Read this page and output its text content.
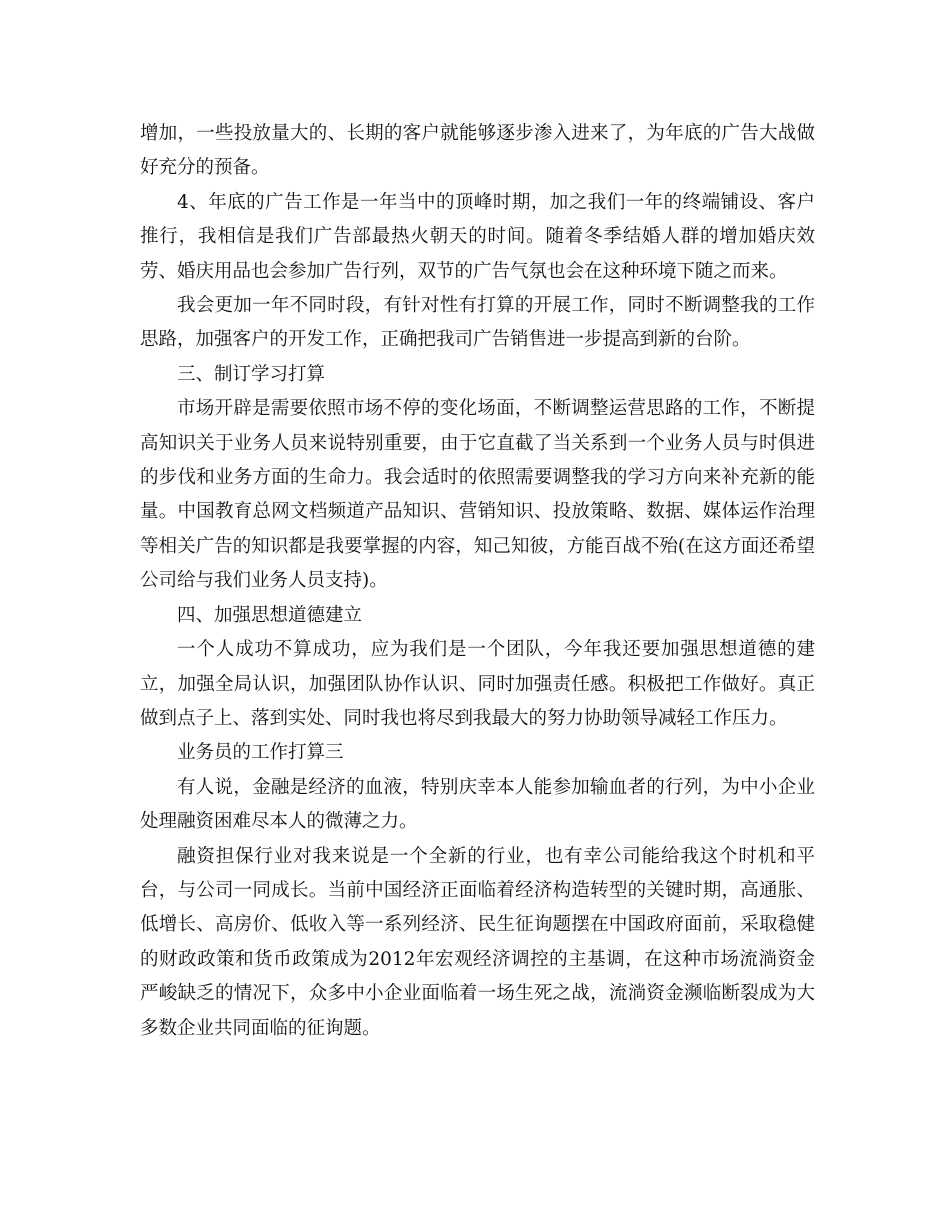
增加，一些投放量大的、长期的客户就能够逐步渗入进来了，为年底的广告大战做好充分的预备。

4、年底的广告工作是一年当中的顶峰时期，加之我们一年的终端铺设、客户推行，我相信是我们广告部最热火朝天的时间。随着冬季结婚人群的增加婚庆效劳、婚庆用品也会参加广告行列，双节的广告气氛也会在这种环境下随之而来。

我会更加一年不同时段，有针对性有打算的开展工作，同时不断调整我的工作思路，加强客户的开发工作，正确把我司广告销售进一步提高到新的台阶。

三、制订学习打算

市场开辟是需要依照市场不停的变化场面，不断调整运营思路的工作，不断提高知识关于业务人员来说特别重要，由于它直截了当关系到一个业务人员与时俱进的步伐和业务方面的生命力。我会适时的依照需要调整我的学习方向来补充新的能量。中国教育总网文档频道产品知识、营销知识、投放策略、数据、媒体运作治理等相关广告的知识都是我要掌握的内容，知己知彼，方能百战不殆(在这方面还希望公司给与我们业务人员支持)。

四、加强思想道德建立

一个人成功不算成功，应为我们是一个团队，今年我还要加强思想道德的建立，加强全局认识，加强团队协作认识、同时加强责任感。积极把工作做好。真正做到点子上、落到实处、同时我也将尽到我最大的努力协助领导减轻工作压力。

业务员的工作打算三

有人说，金融是经济的血液，特别庆幸本人能参加输血者的行列，为中小企业处理融资困难尽本人的微薄之力。

融资担保行业对我来说是一个全新的行业，也有幸公司能给我这个时机和平台，与公司一同成长。当前中国经济正面临着经济构造转型的关键时期，高通胀、低增长、高房价、低收入等一系列经济、民生征询题摆在中国政府面前，采取稳健的财政政策和货币政策成为2012年宏观经济调控的主基调，在这种市场流淌资金严峻缺乏的情况下，众多中小企业面临着一场生死之战，流淌资金濒临断裂成为大多数企业共同面临的征询题。
